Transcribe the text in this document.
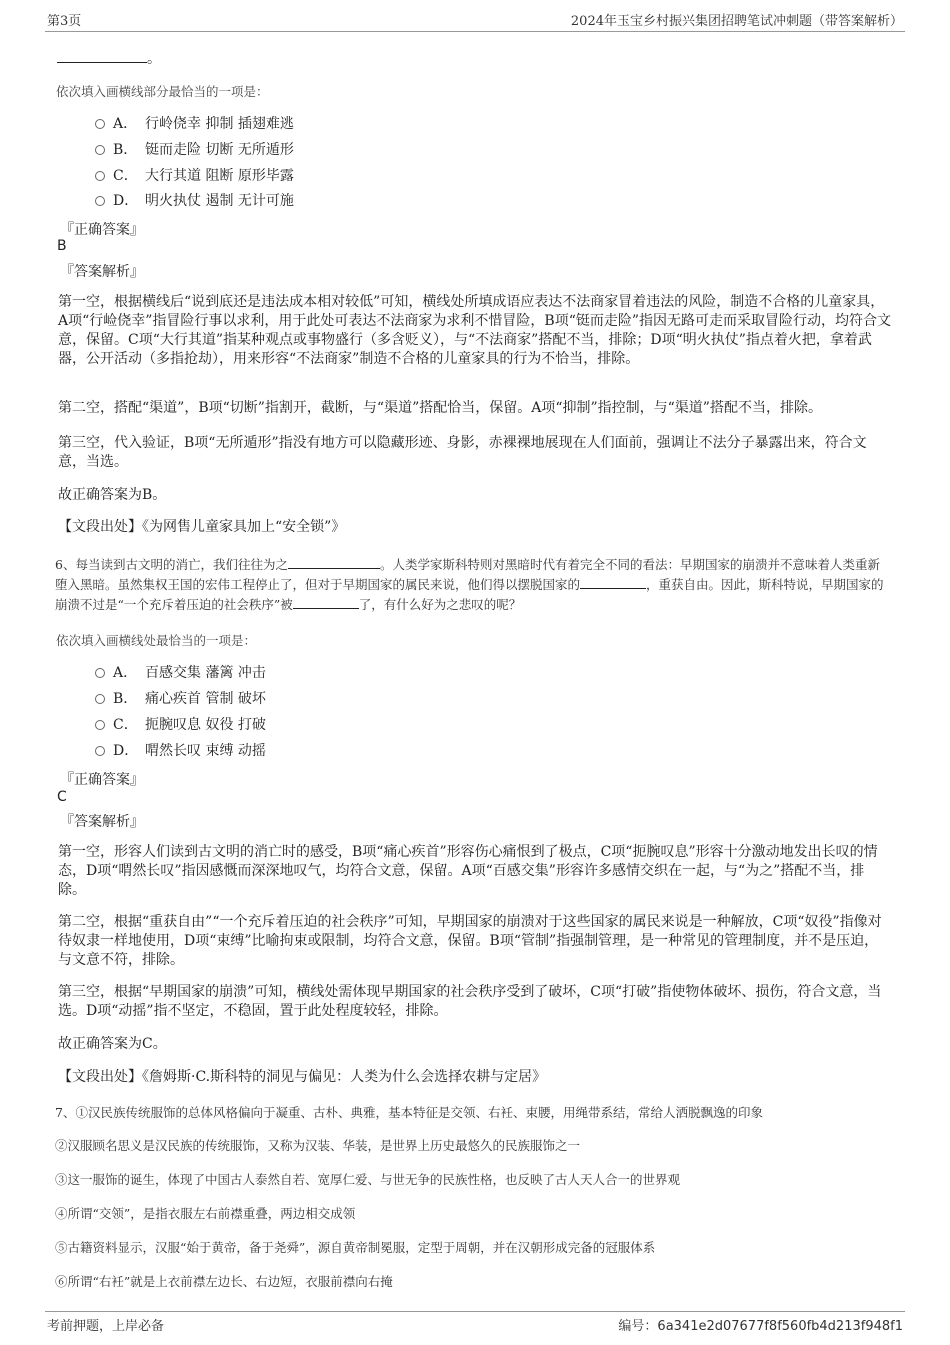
第3页	2024年玉宝乡村振兴集团招聘笔试冲刺题（带答案解析）
。
依次填入画横线部分最恰当的一项是：
A． 行岭侥幸 抑制 插翅难逃
B． 铤而走险 切断 无所遁形
C． 大行其道 阻断 原形毕露
D． 明火执仗 遏制 无计可施
『正确答案』
B
『答案解析』
第一空，根据横线后“说到底还是违法成本相对较低”可知，横线处所填成语应表达不法商家冒着违法的风险，制造不合格的儿童家具，A项“行崄侥幸”指冒险行事以求利，用于此处可表达不法商家为求利不惜冒险，B项“铤而走险”指因无路可走而采取冒险行动，均符合文意，保留。C项“大行其道”指某种观点或事物盛行（多含贬义），与“不法商家”搭配不当，排除；D项“明火执仗”指点着火把，拿着武器，公开活动（多指抢劫），用来形容“不法商家”制造不合格的儿童家具的行为不恰当，排除。
第二空，搭配“渠道”，B项“切断”指割开，截断，与“渠道”搭配恰当，保留。A项“抑制”指控制，与“渠道”搭配不当，排除。
第三空，代入验证，B项“无所遁形”指没有地方可以隐藏形迹、身影，赤裸裸地展现在人们面前，强调让不法分子暴露出来，符合文意，当选。
故正确答案为B。
【文段出处】《为网售儿童家具加上“安全锁”》
6、每当读到古文明的消亡，我们往往为之	。人类学家斯科特则对黑暗时代有着完全不同的看法：早期国家的崩溃并不意味着人类重新堕入黑暗。虽然集权王国的宏伟工程停止了，但对于早期国家的属民来说，他们得以摆脱国家的	，重获自由。因此，斯科特说，早期国家的崩溃不过是“一个充斥着压迫的社会秩序”被	了，有什么好为之悲叹的呢？
依次填入画横线处最恰当的一项是：
A． 百感交集 藩篱 冲击
B． 痛心疾首 管制 破坏
C． 扼腕叹息 奴役 打破
D． 喟然长叹 束缚 动摇
『正确答案』
C
『答案解析』
第一空，形容人们读到古文明的消亡时的感受，B项“痛心疾首”形容伤心痛恨到了极点，C项“扼腕叹息”形容十分激动地发出长叹的情态，D项“喟然长叹”指因感慨而深深地叹气，均符合文意，保留。A项“百感交集”形容许多感情交织在一起，与“为之”搭配不当，排除。
第二空，根据“重获自由”“一个充斥着压迫的社会秩序”可知，早期国家的崩溃对于这些国家的属民来说是一种解放，C项“奴役”指像对待奴隶一样地使用，D项“束缚”比喻拘束或限制，均符合文意，保留。B项“管制”指强制管理，是一种常见的管理制度，并不是压迫，与文意不符，排除。
第三空，根据“早期国家的崩溃”可知，横线处需体现早期国家的社会秩序受到了破坏，C项“打破”指使物体破坏、损伤，符合文意，当选。D项“动摇”指不坚定，不稳固，置于此处程度较轻，排除。
故正确答案为C。
【文段出处】《詹姆斯·C.斯科特的洞见与偏见：人类为什么会选择农耕与定居》
7、①汉民族传统服饰的总体风格偏向于凝重、古朴、典雅，基本特征是交领、右衽、束腰，用绳带系结，常给人洒脱飘逸的印象
②汉服顾名思义是汉民族的传统服饰，又称为汉装、华装，是世界上历史最悠久的民族服饰之一
③这一服饰的诞生，体现了中国古人泰然自若、宽厚仁爱、与世无争的民族性格，也反映了古人天人合一的世界观
④所谓“交领”，是指衣服左右前襟重叠，两边相交成领
⑤古籍资料显示，汉服“始于黄帝，备于尧舜”，源自黄帝制冕服，定型于周朝，并在汉朝形成完备的冠服体系
⑥所谓“右衽”就是上衣前襟左边长、右边短，衣服前襟向右掩
考前押题，上岸必备	编号：6a341e2d07677f8f560fb4d213f948f1
